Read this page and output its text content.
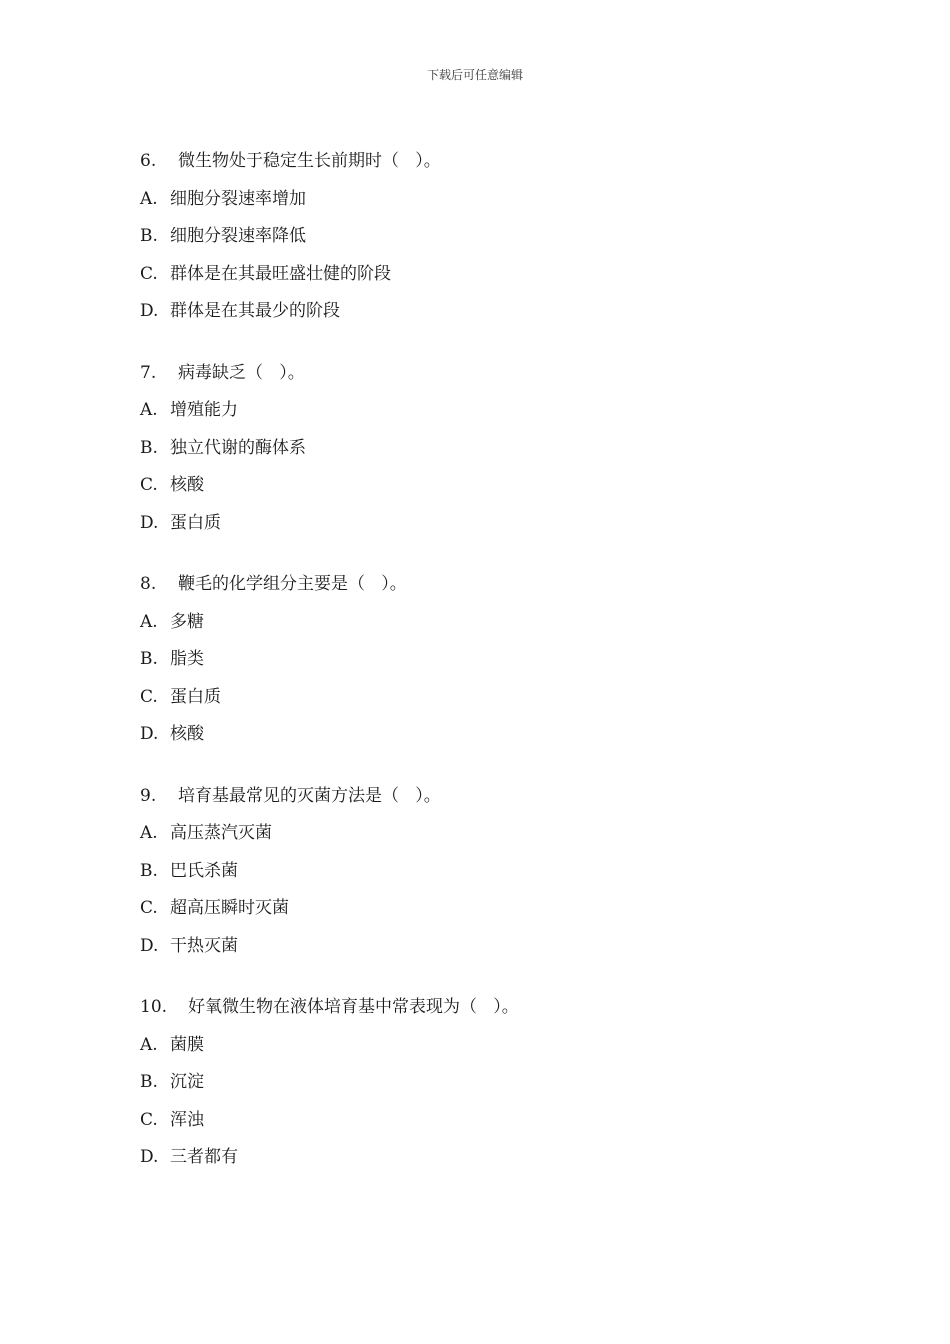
下载后可任意编辑
6.	微生物处于稳定生长前期时（   ）。
A. 细胞分裂速率增加
B. 细胞分裂速率降低
C. 群体是在其最旺盛壮健的阶段
D. 群体是在其最少的阶段
7.	病毒缺乏（   ）。
A. 增殖能力
B. 独立代谢的酶体系
C. 核酸
D. 蛋白质
8.	鞭毛的化学组分主要是（   ）。
A. 多糖
B. 脂类
C. 蛋白质
D. 核酸
9.	培育基最常见的灭菌方法是（   ）。
A. 高压蒸汽灭菌
B. 巴氏杀菌
C. 超高压瞬时灭菌
D. 干热灭菌
10.	好氧微生物在液体培育基中常表现为（   ）。
A. 菌膜
B. 沉淀
C. 浑浊
D. 三者都有
